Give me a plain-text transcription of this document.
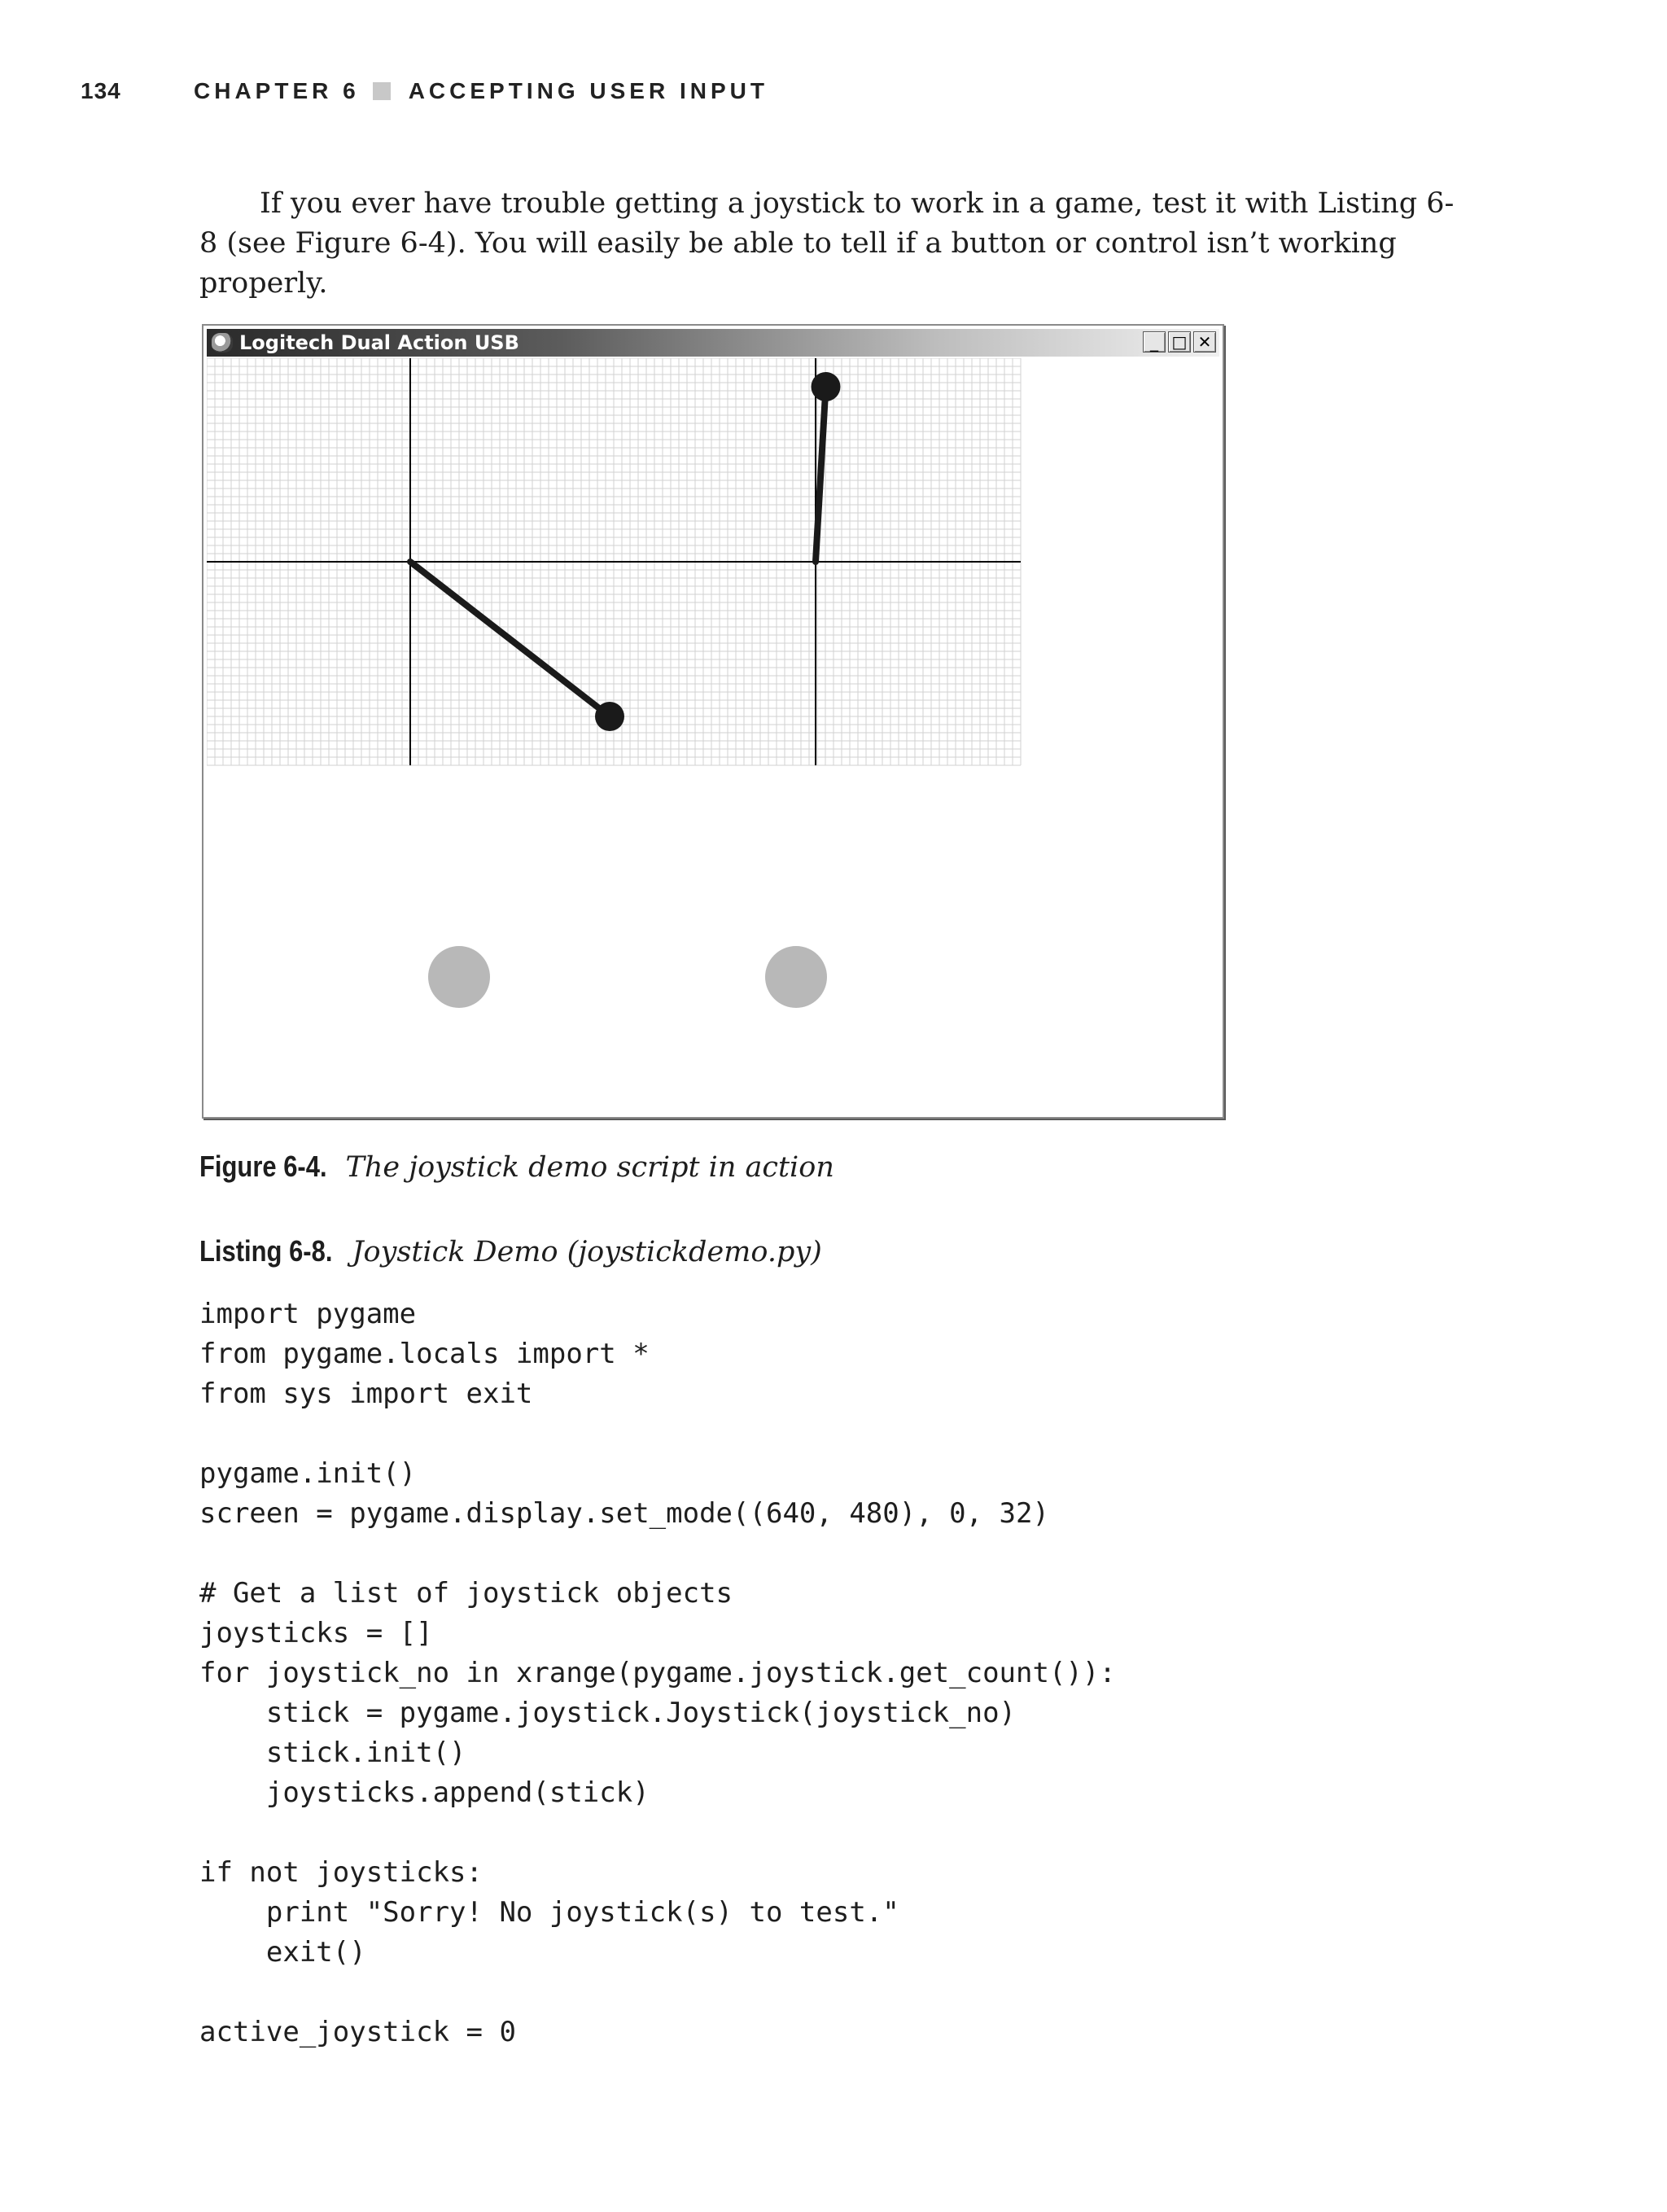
134	CHAPTER 6 ACCEPTING USER INPUT

If you ever have trouble getting a joystick to work in a game, test it with Listing 6-8 (see Figure 6-4). You will easily be able to tell if a button or control isn’t working properly.

Logitech Dual Action USB	_ □ ✕
Figure 6-4. The joystick demo script in action
Listing 6-8. Joystick Demo (joystickdemo.py)
import pygame
from pygame.locals import *
from sys import exit

pygame.init()
screen = pygame.display.set_mode((640, 480), 0, 32)

# Get a list of joystick objects
joysticks = []
for joystick_no in xrange(pygame.joystick.get_count()):
stick = pygame.joystick.Joystick(joystick_no)
stick.init()
joysticks.append(stick)

if not joysticks:
print "Sorry! No joystick(s) to test."
exit()

active_joystick = 0
